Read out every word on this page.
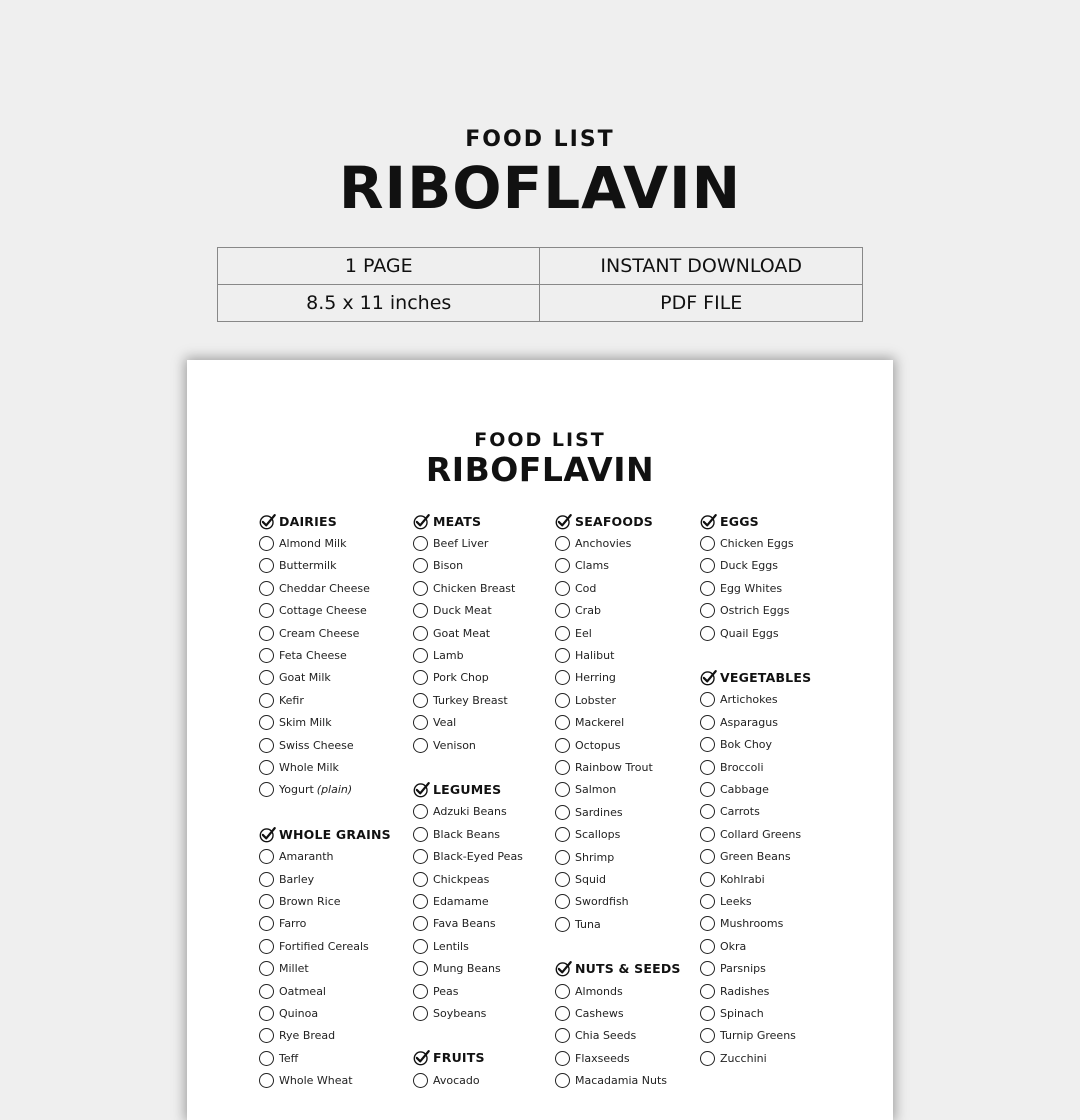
FOOD LIST
RIBOFLAVIN
1 PAGE	INSTANT DOWNLOAD
8.5 x 11 inches	PDF FILE
FOOD LIST
RIBOFLAVIN
DAIRIES
Almond Milk
Buttermilk
Cheddar Cheese
Cottage Cheese
Cream Cheese
Feta Cheese
Goat Milk
Kefir
Skim Milk
Swiss Cheese
Whole Milk
Yogurt (plain)
WHOLE GRAINS
Amaranth
Barley
Brown Rice
Farro
Fortified Cereals
Millet
Oatmeal
Quinoa
Rye Bread
Teff
Whole Wheat
MEATS
Beef Liver
Bison
Chicken Breast
Duck Meat
Goat Meat
Lamb
Pork Chop
Turkey Breast
Veal
Venison
LEGUMES
Adzuki Beans
Black Beans
Black-Eyed Peas
Chickpeas
Edamame
Fava Beans
Lentils
Mung Beans
Peas
Soybeans
FRUITS
Avocado
SEAFOODS
Anchovies
Clams
Cod
Crab
Eel
Halibut
Herring
Lobster
Mackerel
Octopus
Rainbow Trout
Salmon
Sardines
Scallops
Shrimp
Squid
Swordfish
Tuna
NUTS & SEEDS
Almonds
Cashews
Chia Seeds
Flaxseeds
Macadamia Nuts
EGGS
Chicken Eggs
Duck Eggs
Egg Whites
Ostrich Eggs
Quail Eggs
VEGETABLES
Artichokes
Asparagus
Bok Choy
Broccoli
Cabbage
Carrots
Collard Greens
Green Beans
Kohlrabi
Leeks
Mushrooms
Okra
Parsnips
Radishes
Spinach
Turnip Greens
Zucchini
